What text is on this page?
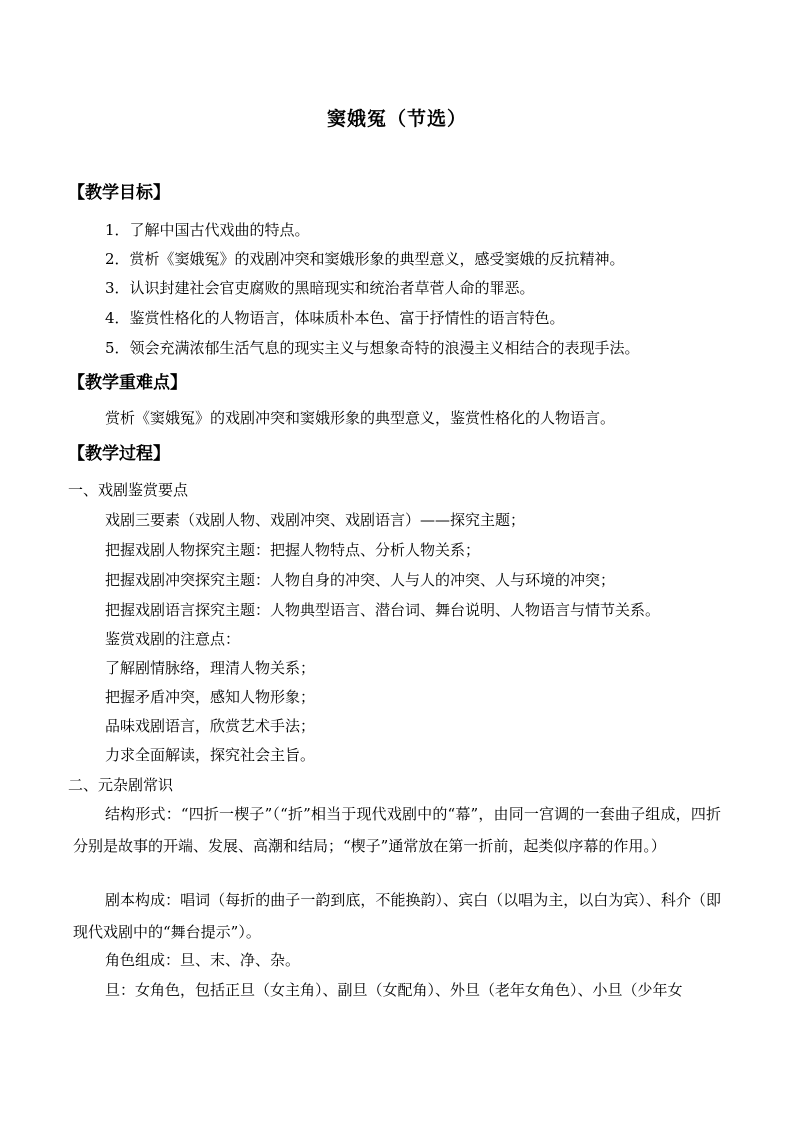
窦娥冤（节选）
【教学目标】
1．了解中国古代戏曲的特点。
2．赏析《窦娥冤》的戏剧冲突和窦娥形象的典型意义，感受窦娥的反抗精神。
3．认识封建社会官吏腐败的黑暗现实和统治者草菅人命的罪恶。
4．鉴赏性格化的人物语言，体味质朴本色、富于抒情性的语言特色。
5．领会充满浓郁生活气息的现实主义与想象奇特的浪漫主义相结合的表现手法。
【教学重难点】
赏析《窦娥冤》的戏剧冲突和窦娥形象的典型意义，鉴赏性格化的人物语言。
【教学过程】
一、戏剧鉴赏要点
戏剧三要素（戏剧人物、戏剧冲突、戏剧语言）——探究主题；
把握戏剧人物探究主题：把握人物特点、分析人物关系；
把握戏剧冲突探究主题：人物自身的冲突、人与人的冲突、人与环境的冲突；
把握戏剧语言探究主题：人物典型语言、潜台词、舞台说明、人物语言与情节关系。
鉴赏戏剧的注意点：
了解剧情脉络，理清人物关系；
把握矛盾冲突，感知人物形象；
品味戏剧语言，欣赏艺术手法；
力求全面解读，探究社会主旨。
二、元杂剧常识

结构形式：“四折一楔子”（“折”相当于现代戏剧中的“幕”，由同一宫调的一套曲子组成，四折分别是故事的开端、发展、高潮和结局；“楔子”通常放在第一折前，起类似序幕的作用。）

剧本构成：唱词（每折的曲子一韵到底，不能换韵）、宾白（以唱为主，以白为宾）、科介（即现代戏剧中的“舞台提示”）。

角色组成：旦、末、净、杂。

旦：女角色，包括正旦（女主角）、副旦（女配角）、外旦（老年女角色）、小旦（少年女
